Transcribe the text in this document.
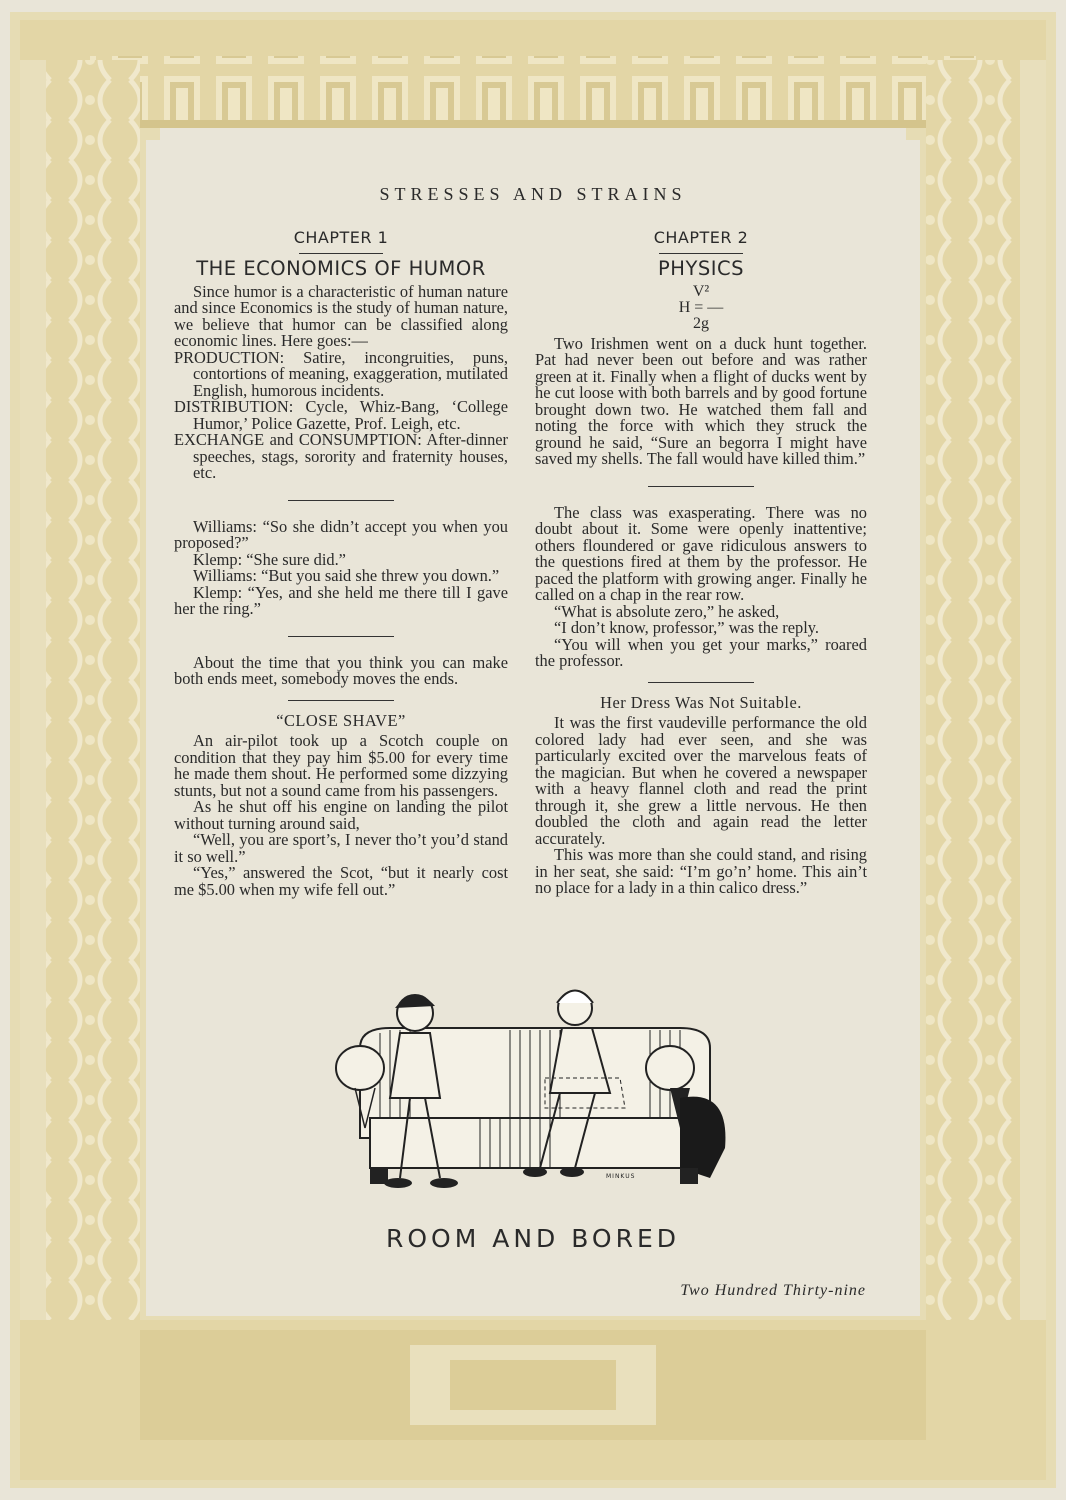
STRESSES AND STRAINS
CHAPTER 1
THE ECONOMICS OF HUMOR

Since humor is a characteristic of human nature and since Economics is the study of human nature, we believe that humor can be classified along economic lines. Here goes:—

PRODUCTION: Satire, incongruities, puns, contortions of meaning, exaggeration, mutilated English, humorous incidents.

DISTRIBUTION: Cycle, Whiz-Bang, ‘College Humor,’ Police Gazette, Prof. Leigh, etc.

EXCHANGE and CONSUMPTION: After-dinner speeches, stags, sorority and fraternity houses, etc.

Williams: “So she didn’t accept you when you proposed?”

Klemp: “She sure did.”

Williams: “But you said she threw you down.”

Klemp: “Yes, and she held me there till I gave her the ring.”

About the time that you think you can make both ends meet, somebody moves the ends.

“CLOSE SHAVE”

An air-pilot took up a Scotch couple on condition that they pay him $5.00 for every time he made them shout. He performed some dizzying stunts, but not a sound came from his passengers.

As he shut off his engine on landing the pilot without turning around said,

“Well, you are sport’s, I never tho’t you’d stand it so well.”

“Yes,” answered the Scot, “but it nearly cost me $5.00 when my wife fell out.”

CHAPTER 2
PHYSICS
V²
H = —
2g

Two Irishmen went on a duck hunt together. Pat had never been out before and was rather green at it. Finally when a flight of ducks went by he cut loose with both barrels and by good fortune brought down two. He watched them fall and noting the force with which they struck the ground he said, “Sure an begorra I might have saved my shells. The fall would have killed thim.”

The class was exasperating. There was no doubt about it. Some were openly inattentive; others floundered or gave ridiculous answers to the questions fired at them by the professor. He paced the platform with growing anger. Finally he called on a chap in the rear row.

“What is absolute zero,” he asked,

“I don’t know, professor,” was the reply.

“You will when you get your marks,” roared the professor.

Her Dress Was Not Suitable.

It was the first vaudeville performance the old colored lady had ever seen, and she was particularly excited over the marvelous feats of the magician. But when he covered a newspaper with a heavy flannel cloth and read the print through it, she grew a little nervous. He then doubled the cloth and again read the letter accurately.

This was more than she could stand, and rising in her seat, she said: “I’m go’n’ home. This ain’t no place for a lady in a thin calico dress.”

MINKUS
ROOM AND BORED
Two Hundred Thirty-nine
